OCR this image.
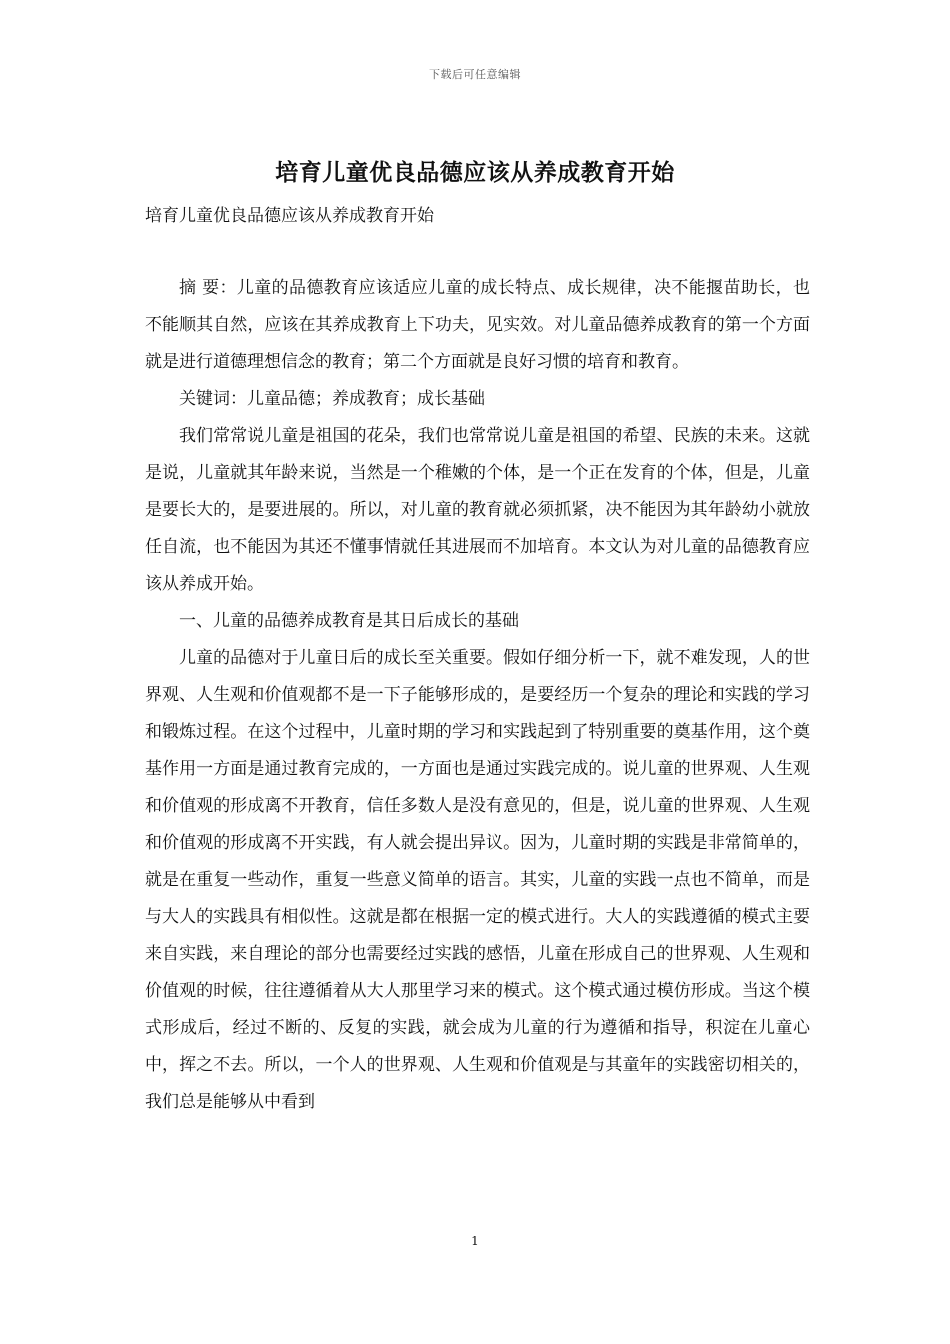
下载后可任意编辑
培育儿童优良品德应该从养成教育开始
培育儿童优良品德应该从养成教育开始

摘 要：儿童的品德教育应该适应儿童的成长特点、成长规律，决不能揠苗助长，也不能顺其自然，应该在其养成教育上下功夫，见实效。对儿童品德养成教育的第一个方面就是进行道德理想信念的教育；第二个方面就是良好习惯的培育和教育。

关键词：儿童品德；养成教育；成长基础

我们常常说儿童是祖国的花朵，我们也常常说儿童是祖国的希望、民族的未来。这就是说，儿童就其年龄来说，当然是一个稚嫩的个体，是一个正在发育的个体，但是，儿童是要长大的，是要进展的。所以，对儿童的教育就必须抓紧，决不能因为其年龄幼小就放任自流，也不能因为其还不懂事情就任其进展而不加培育。本文认为对儿童的品德教育应该从养成开始。

一、儿童的品德养成教育是其日后成长的基础

儿童的品德对于儿童日后的成长至关重要。假如仔细分析一下，就不难发现，人的世界观、人生观和价值观都不是一下子能够形成的，是要经历一个复杂的理论和实践的学习和锻炼过程。在这个过程中，儿童时期的学习和实践起到了特别重要的奠基作用，这个奠基作用一方面是通过教育完成的，一方面也是通过实践完成的。说儿童的世界观、人生观和价值观的形成离不开教育，信任多数人是没有意见的，但是，说儿童的世界观、人生观和价值观的形成离不开实践，有人就会提出异议。因为，儿童时期的实践是非常简单的，就是在重复一些动作，重复一些意义简单的语言。其实，儿童的实践一点也不简单，而是与大人的实践具有相似性。这就是都在根据一定的模式进行。大人的实践遵循的模式主要来自实践，来自理论的部分也需要经过实践的感悟，儿童在形成自己的世界观、人生观和价值观的时候，往往遵循着从大人那里学习来的模式。这个模式通过模仿形成。当这个模式形成后，经过不断的、反复的实践，就会成为儿童的行为遵循和指导，积淀在儿童心中，挥之不去。所以，一个人的世界观、人生观和价值观是与其童年的实践密切相关的，我们总是能够从中看到

1
